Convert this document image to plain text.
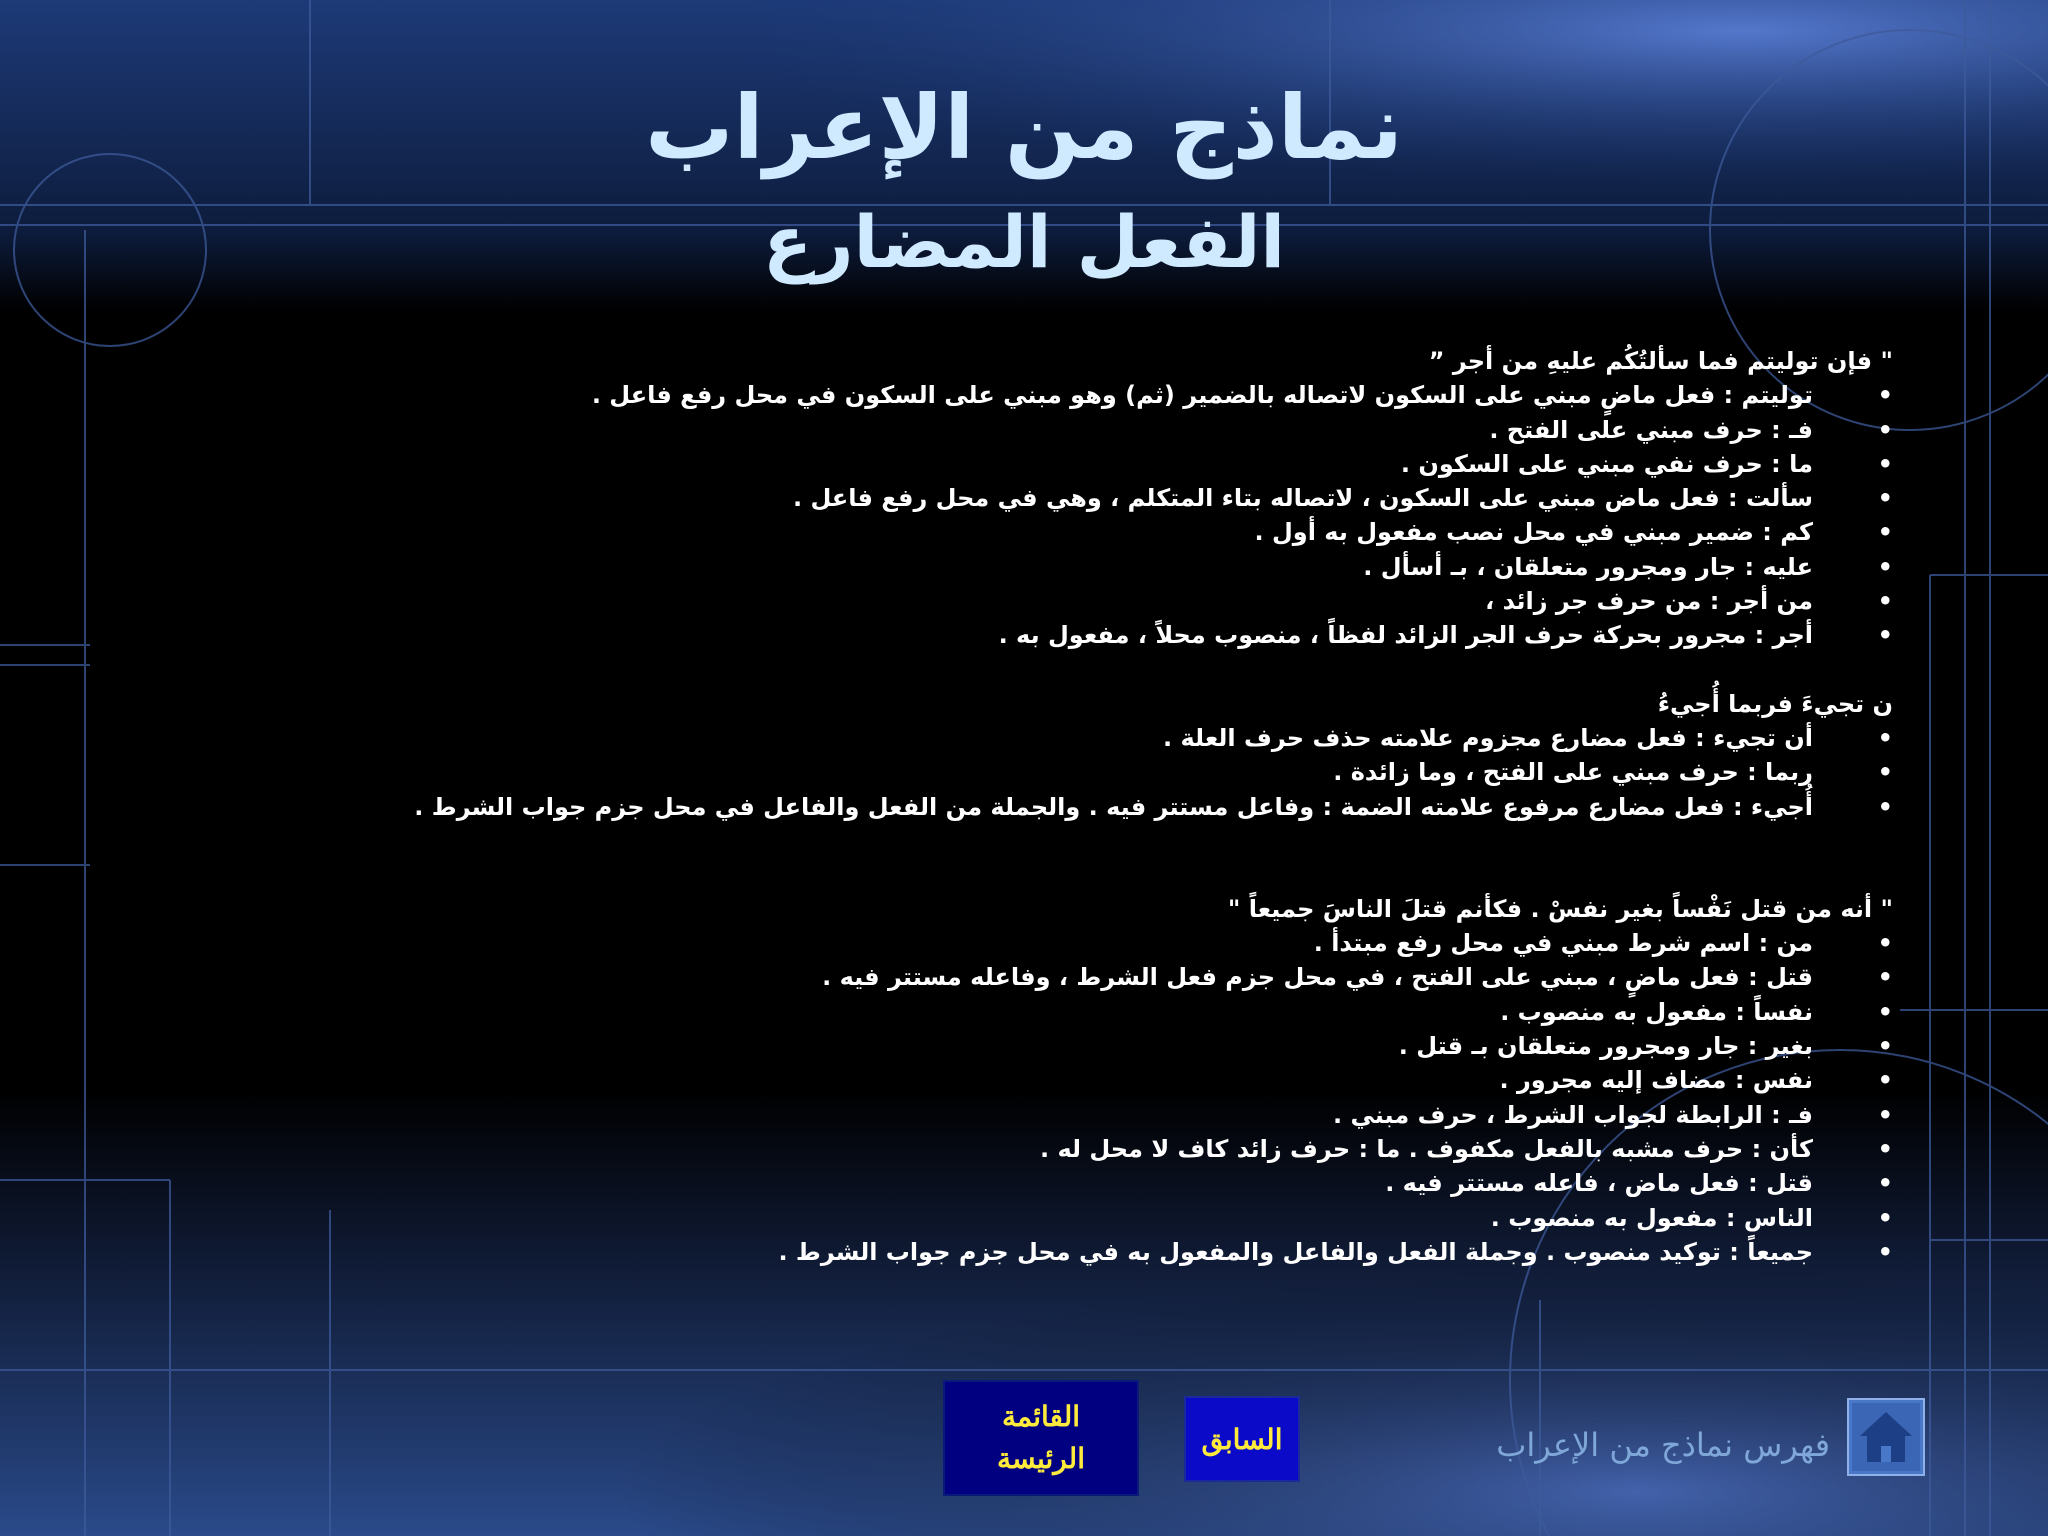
نماذج من الإعراب
الفعل المضارع

" فإن توليتم فما سألتُكُم عليهِ من أجر ”

• توليتم : فعل ماضٍ مبني على السكون لاتصاله بالضمير (ثم) وهو مبني على السكون في محل رفع فاعل .
• فـ : حرف مبني على الفتح .
• ما : حرف نفي مبني على السكون .
• سألت : فعل ماض مبني على السكون ، لاتصاله بتاء المتكلم ، وهي في محل رفع فاعل .
• كم : ضمير مبني في محل نصب مفعول به أول .
• عليه : جار ومجرور متعلقان ، بـ أسأل .
• من أجر : من حرف جر زائد ،
• أجر : مجرور بحركة حرف الجر الزائد لفظاً ، منصوب محلاً ، مفعول به .

ن تجيءَ فربما أُجيءُ

• أن تجيء : فعل مضارع مجزوم علامته حذف حرف العلة .
• ربما : حرف مبني على الفتح ، وما زائدة .
• أُجيء : فعل مضارع مرفوع علامته الضمة : وفاعل مستتر فيه . والجملة من الفعل والفاعل في محل جزم جواب الشرط .

" أنه من قتل نَفْساً بغير نفسْ . فكأنم قتلَ الناسَ جميعاً "

• من : اسم شرط مبني في محل رفع مبتدأ .
• قتل : فعل ماضٍ ، مبني على الفتح ، في محل جزم فعل الشرط ، وفاعله مستتر فيه .
• نفساً : مفعول به منصوب .
• بغير : جار ومجرور متعلقان بـ قتل .
• نفس : مضاف إليه مجرور .
• فـ : الرابطة لجواب الشرط ، حرف مبني .
• كأن : حرف مشبه بالفعل مكفوف . ما : حرف زائد كاف لا محل له .
• قتل : فعل ماض ، فاعله مستتر فيه .
• الناس : مفعول به منصوب .
• جميعاً : توكيد منصوب . وجملة الفعل والفاعل والمفعول به في محل جزم جواب الشرط .
القائمة
الرئيسة
السابق	فهرس نماذج من الإعراب
